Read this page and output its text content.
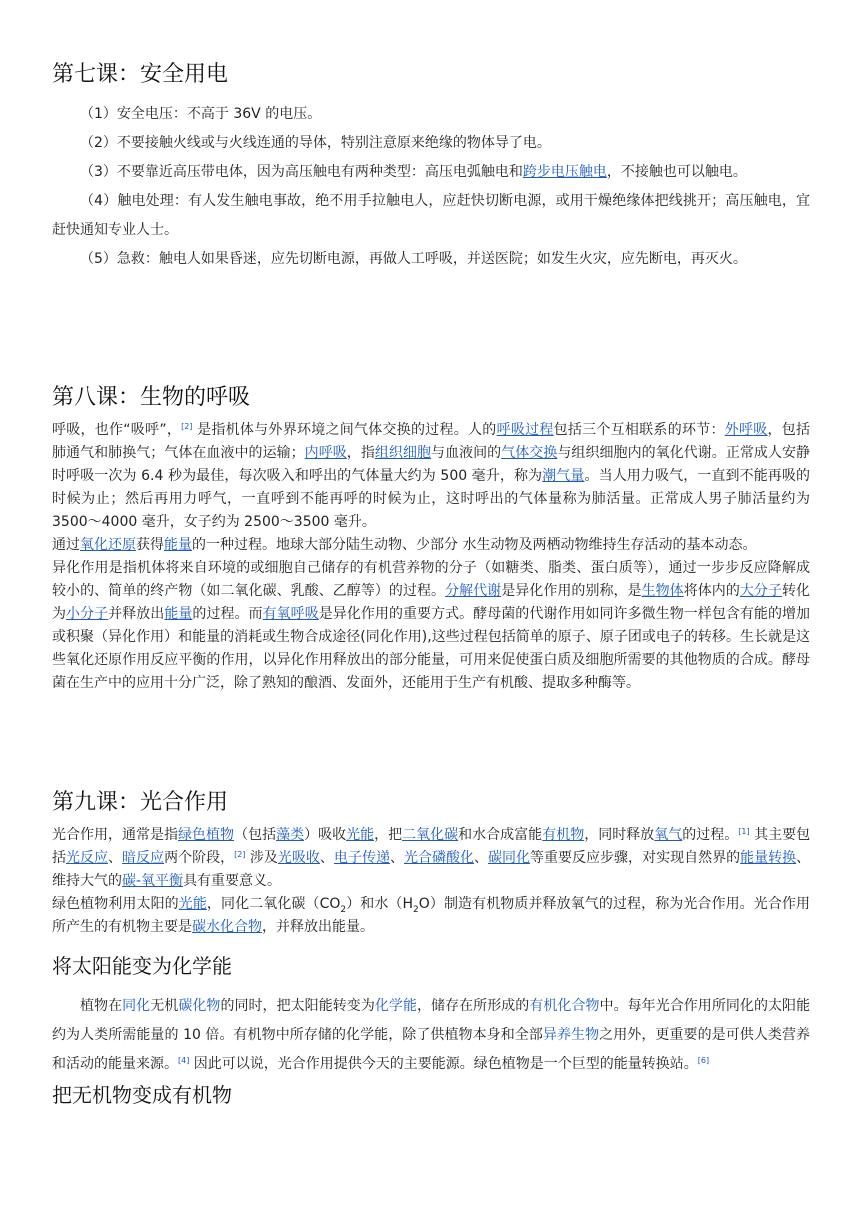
第七课：安全用电

（1）安全电压：不高于 36V 的电压。

（2）不要接触火线或与火线连通的导体，特别注意原来绝缘的物体导了电。

（3）不要靠近高压带电体，因为高压触电有两种类型：高压电弧触电和跨步电压触电，不接触也可以触电。

（4）触电处理：有人发生触电事故，绝不用手拉触电人，应赶快切断电源，或用干燥绝缘体把线挑开；高压触电，宜赶快通知专业人士。

（5）急救：触电人如果昏迷，应先切断电源，再做人工呼吸，并送医院；如发生火灾，应先断电，再灭火。

第八课：生物的呼吸

呼吸，也作“吸呼”，[2] 是指机体与外界环境之间气体交换的过程。人的呼吸过程包括三个互相联系的环节：外呼吸，包括肺通气和肺换气；气体在血液中的运输；内呼吸，指组织细胞与血液间的气体交换与组织细胞内的氧化代谢。正常成人安静时呼吸一次为 6.4 秒为最佳，每次吸入和呼出的气体量大约为 500 毫升，称为潮气量。当人用力吸气，一直到不能再吸的时候为止；然后再用力呼气，一直呼到不能再呼的时候为止，这时呼出的气体量称为肺活量。正常成人男子肺活量约为 3500～4000 毫升，女子约为 2500～3500 毫升。

通过氧化还原获得能量的一种过程。地球大部分陆生动物、少部分 水生动物及两栖动物维持生存活动的基本动态。

异化作用是指机体将来自环境的或细胞自己储存的有机营养物的分子（如糖类、脂类、蛋白质等），通过一步步反应降解成较小的、简单的终产物（如二氧化碳、乳酸、乙醇等）的过程。分解代谢是异化作用的别称，是生物体将体内的大分子转化为小分子并释放出能量的过程。而有氧呼吸是异化作用的重要方式。酵母菌的代谢作用如同许多微生物一样包含有能的增加或积聚（异化作用）和能量的消耗或生物合成途径(同化作用),这些过程包括简单的原子、原子团或电子的转移。生长就是这些氧化还原作用反应平衡的作用，以异化作用释放出的部分能量，可用来促使蛋白质及细胞所需要的其他物质的合成。酵母菌在生产中的应用十分广泛，除了熟知的酿酒、发面外，还能用于生产有机酸、提取多种酶等。

第九课：光合作用

光合作用，通常是指绿色植物（包括藻类）吸收光能，把二氧化碳和水合成富能有机物，同时释放氧气的过程。[1] 其主要包括光反应、暗反应两个阶段，[2] 涉及光吸收、电子传递、光合磷酸化、碳同化等重要反应步骤，对实现自然界的能量转换、维持大气的碳-氧平衡具有重要意义。

绿色植物利用太阳的光能，同化二氧化碳$(CO_2)$和水$(H_2O)$制造有机物质并释放氧气的过程，称为光合作用。光合作用所产生的有机物主要是碳水化合物，并释放出能量。

将太阳能变为化学能

植物在同化无机碳化物的同时，把太阳能转变为化学能，储存在所形成的有机化合物中。每年光合作用所同化的太阳能约为人类所需能量的 10 倍。有机物中所存储的化学能，除了供植物本身和全部异养生物之用外，更重要的是可供人类营养和活动的能量来源。[4] 因此可以说，光合作用提供今天的主要能源。绿色植物是一个巨型的能量转换站。[6]

把无机物变成有机物
